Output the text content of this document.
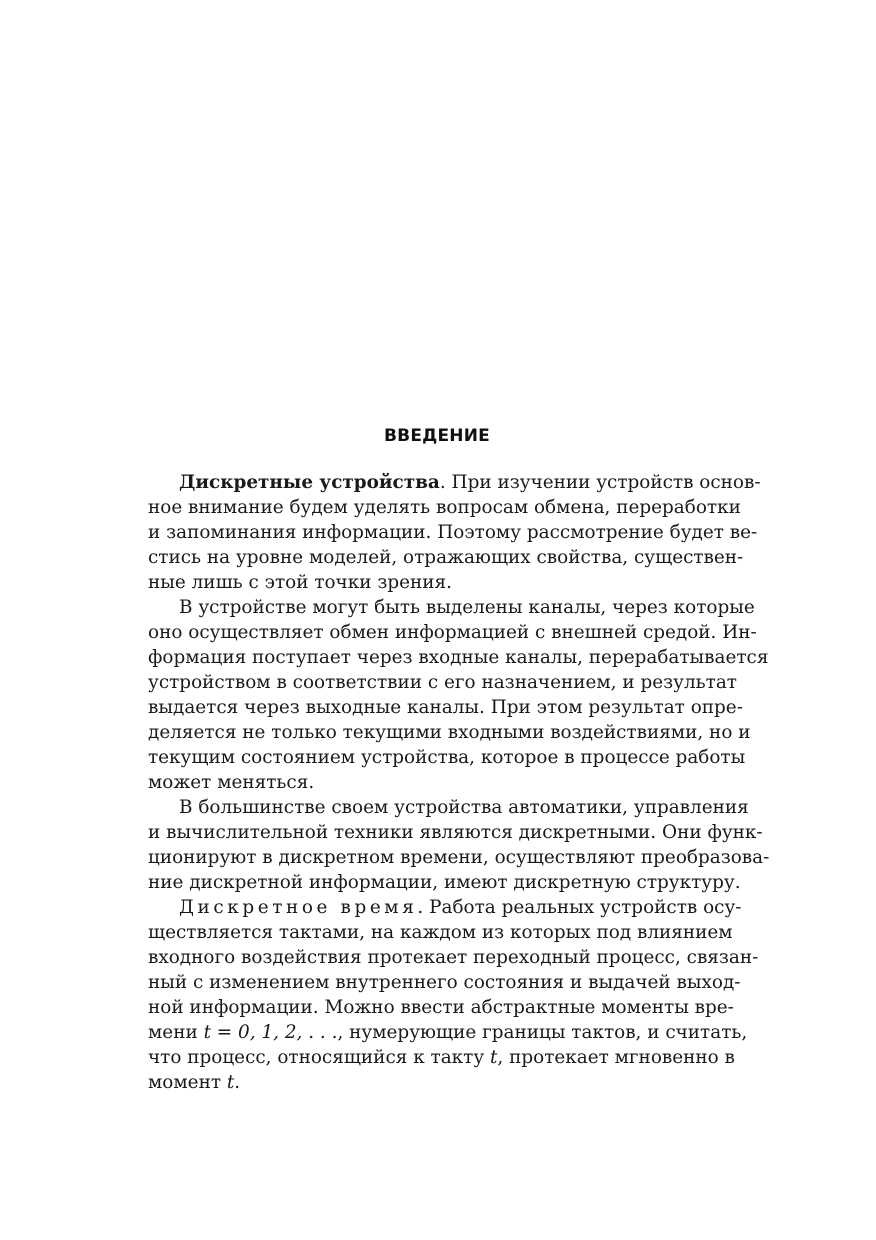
ВВЕДЕНИЕ
Дискретные устройства. При изучении устройств основ-
ное внимание будем уделять вопросам обмена, переработки
и запоминания информации. Поэтому рассмотрение будет ве-
стись на уровне моделей, отражающих свойства, существен-
ные лишь с этой точки зрения.
В устройстве могут быть выделены каналы, через которые
оно осуществляет обмен информацией с внешней средой. Ин-
формация поступает через входные каналы, перерабатывается
устройством в соответствии с его назначением, и результат
выдается через выходные каналы. При этом результат опре-
деляется не только текущими входными воздействиями, но и
текущим состоянием устройства, которое в процессе работы
может меняться.
В большинстве своем устройства автоматики, управления
и вычислительной техники являются дискретными. Они функ-
ционируют в дискретном времени, осуществляют преобразова-
ние дискретной информации, имеют дискретную структуру.
Дискретное время. Работа реальных устройств осу-
ществляется тактами, на каждом из которых под влиянием
входного воздействия протекает переходный процесс, связан-
ный с изменением внутреннего состояния и выдачей выход-
ной информации. Можно ввести абстрактные моменты вре-
мени t = 0, 1, 2, . . ., нумерующие границы тактов, и считать,
что процесс, относящийся к такту t, протекает мгновенно в
момент t.
